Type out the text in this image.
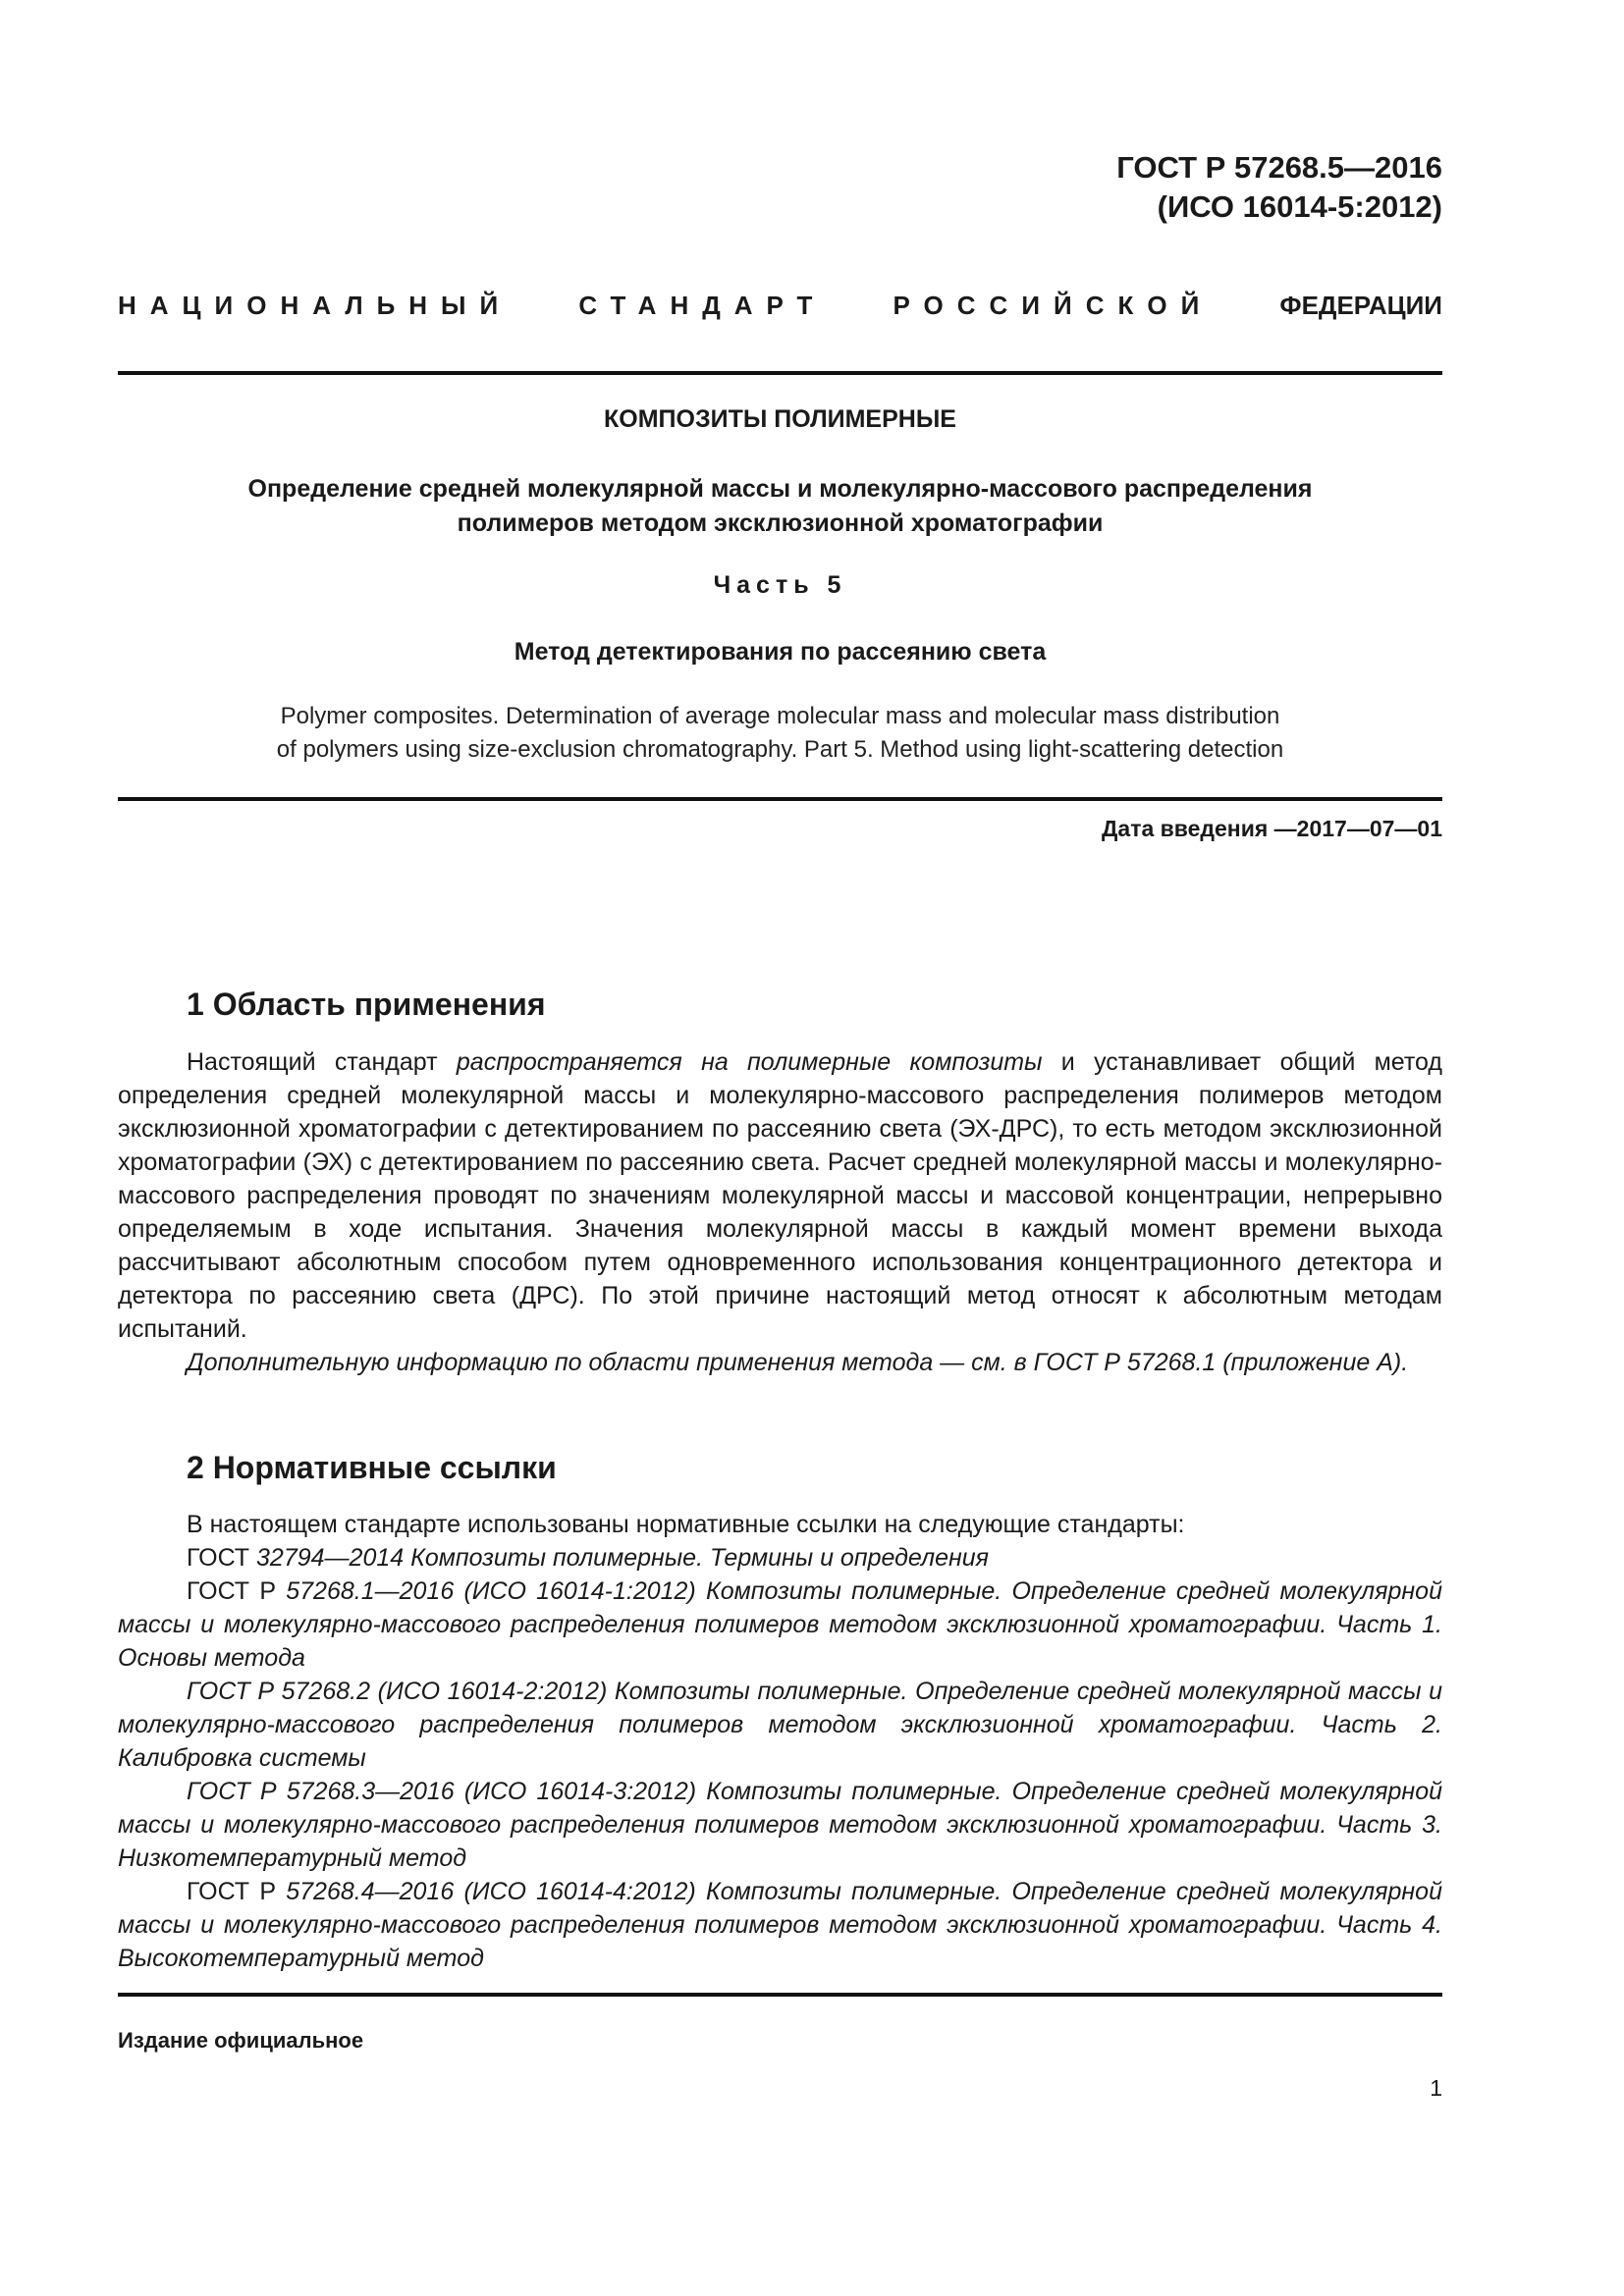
ГОСТ Р 57268.5—2016
(ИСО 16014-5:2012)
НАЦИОНАЛЬНЫЙ	СТАНДАРТ	РОССИЙСКОЙ	ФЕДЕРАЦИИ
КОМПОЗИТЫ ПОЛИМЕРНЫЕ
Определение средней молекулярной массы и молекулярно-массового распределения
полимеров методом эксклюзионной хроматографии
Часть 5
Метод детектирования по рассеянию света
Polymer composites. Determination of average molecular mass and molecular mass distribution
of polymers using size-exclusion chromatography. Part 5. Method using light-scattering detection
Дата введения —2017—07—01
1 Область применения

Настоящий стандарт распространяется на полимерные композиты и устанавливает общий метод определения средней молекулярной массы и молекулярно-массового распределения полимеров методом эксклюзионной хроматографии с детектированием по рассеянию света (ЭХ-ДРС), то есть методом эксклюзионной хроматографии (ЭХ) с детектированием по рассеянию света. Расчет средней молекулярной массы и молекулярно-массового распределения проводят по значениям молекулярной массы и массовой концентрации, непрерывно определяемым в ходе испытания. Значения молекулярной массы в каждый момент времени выхода рассчитывают абсолютным способом путем одновременного использования концентрационного детектора и детектора по рассеянию света (ДРС). По этой причине настоящий метод относят к абсолютным методам испытаний.

Дополнительную информацию по области применения метода — см. в ГОСТ Р 57268.1 (приложение А).

2 Нормативные ссылки

В настоящем стандарте использованы нормативные ссылки на следующие стандарты:

ГОСТ 32794—2014 Композиты полимерные. Термины и определения

ГОСТ Р 57268.1—2016 (ИСО 16014-1:2012) Композиты полимерные. Определение средней молекулярной массы и молекулярно-массового распределения полимеров методом эксклюзионной хроматографии. Часть 1. Основы метода

ГОСТ Р 57268.2 (ИСО 16014-2:2012) Композиты полимерные. Определение средней молекулярной массы и молекулярно-массового распределения полимеров методом эксклюзионной хроматографии. Часть 2. Калибровка системы

ГОСТ Р 57268.3—2016 (ИСО 16014-3:2012) Композиты полимерные. Определение средней молекулярной массы и молекулярно-массового распределения полимеров методом эксклюзионной хроматографии. Часть 3. Низкотемпературный метод

ГОСТ Р 57268.4—2016 (ИСО 16014-4:2012) Композиты полимерные. Определение средней молекулярной массы и молекулярно-массового распределения полимеров методом эксклюзионной хроматографии. Часть 4. Высокотемпературный метод

Издание официальное
1
